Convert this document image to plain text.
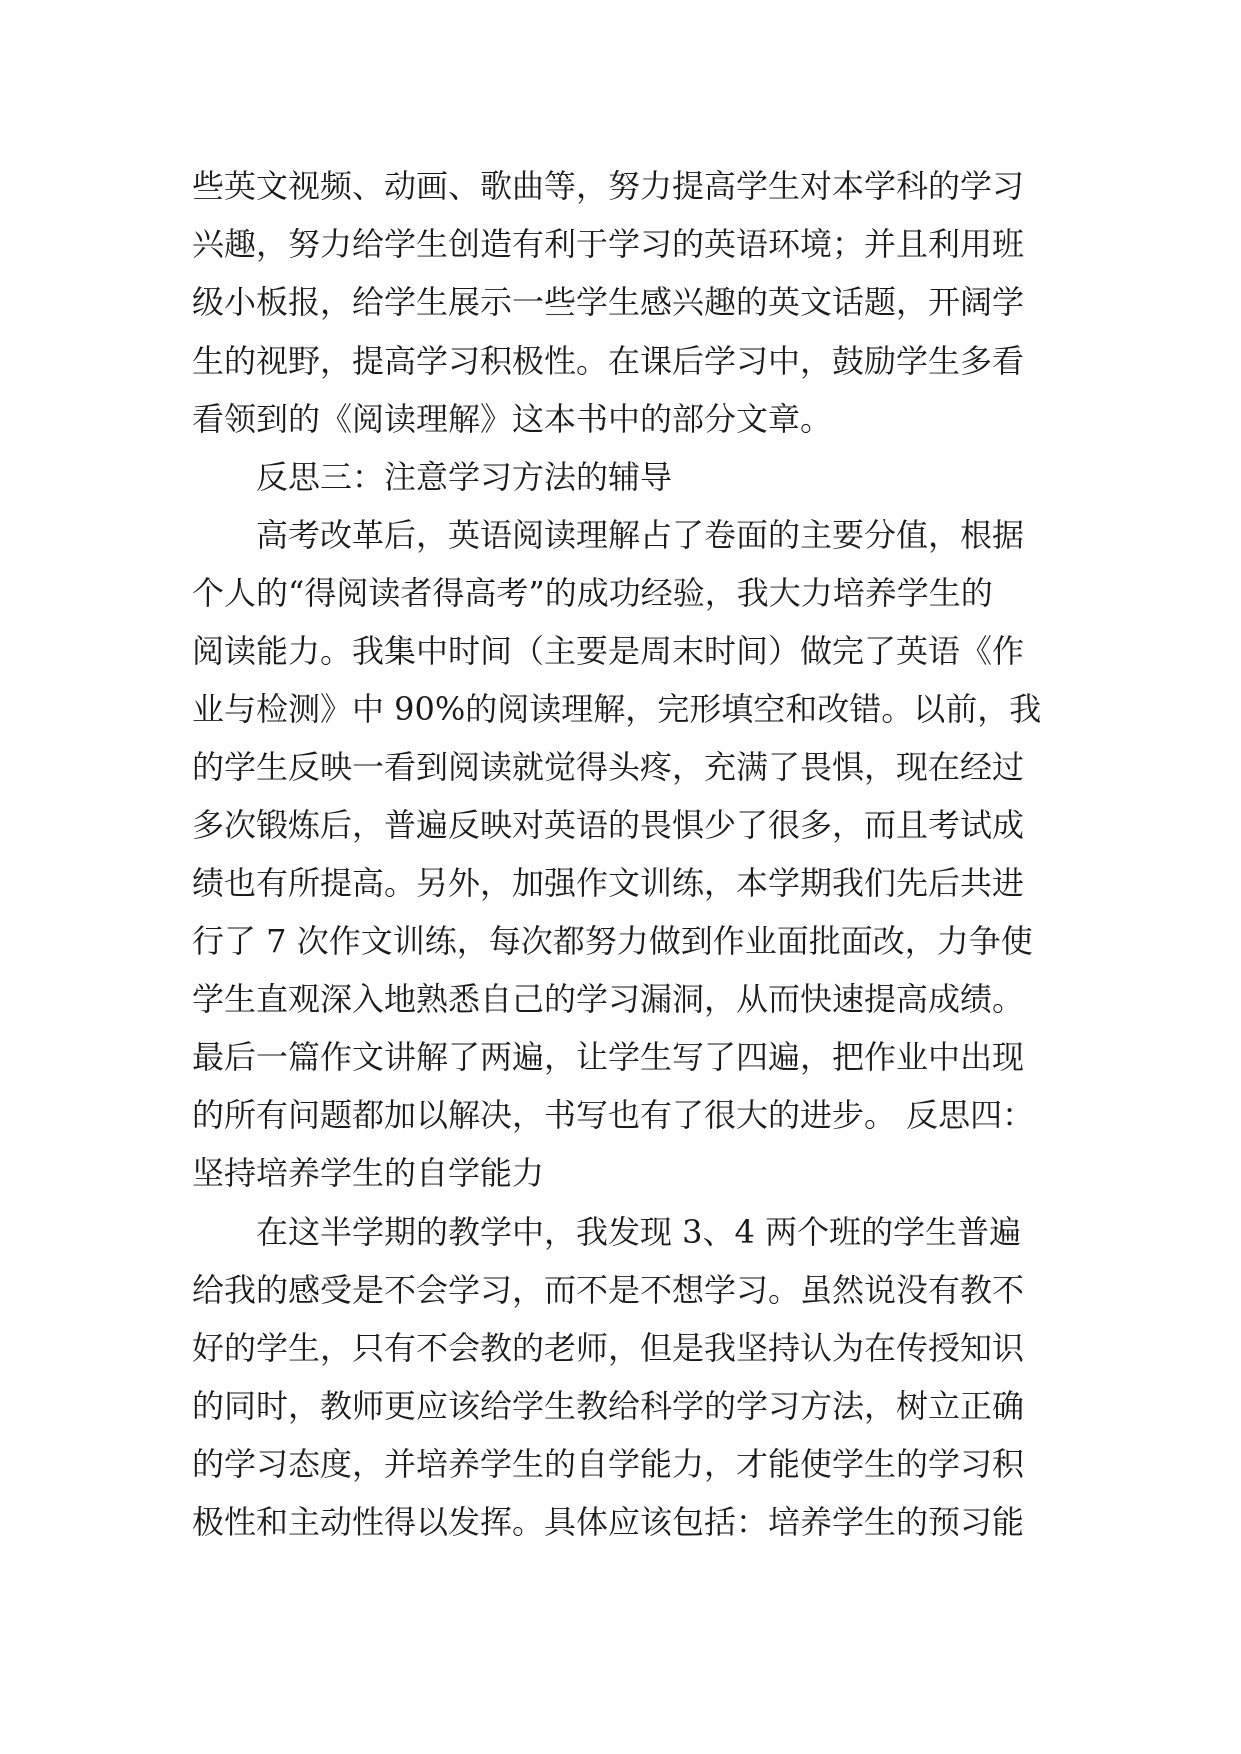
些英文视频、动画、歌曲等，努力提高学生对本学科的学习
兴趣，努力给学生创造有利于学习的英语环境；并且利用班
级小板报，给学生展示一些学生感兴趣的英文话题，开阔学
生的视野，提高学习积极性。在课后学习中，鼓励学生多看
看领到的《阅读理解》这本书中的部分文章。
反思三：注意学习方法的辅导
高考改革后，英语阅读理解占了卷面的主要分值，根据
个人的“得阅读者得高考”的成功经验，我大力培养学生的
阅读能力。我集中时间（主要是周末时间）做完了英语《作
业与检测》中 90%的阅读理解，完形填空和改错。以前，我
的学生反映一看到阅读就觉得头疼，充满了畏惧，现在经过
多次锻炼后，普遍反映对英语的畏惧少了很多，而且考试成
绩也有所提高。另外，加强作文训练，本学期我们先后共进
行了 7 次作文训练，每次都努力做到作业面批面改，力争使
学生直观深入地熟悉自己的学习漏洞，从而快速提高成绩。
最后一篇作文讲解了两遍，让学生写了四遍，把作业中出现
的所有问题都加以解决，书写也有了很大的进步。 反思四：
坚持培养学生的自学能力
在这半学期的教学中，我发现 3、4 两个班的学生普遍
给我的感受是不会学习，而不是不想学习。虽然说没有教不
好的学生，只有不会教的老师，但是我坚持认为在传授知识
的同时，教师更应该给学生教给科学的学习方法，树立正确
的学习态度，并培养学生的自学能力，才能使学生的学习积
极性和主动性得以发挥。具体应该包括：培养学生的预习能
